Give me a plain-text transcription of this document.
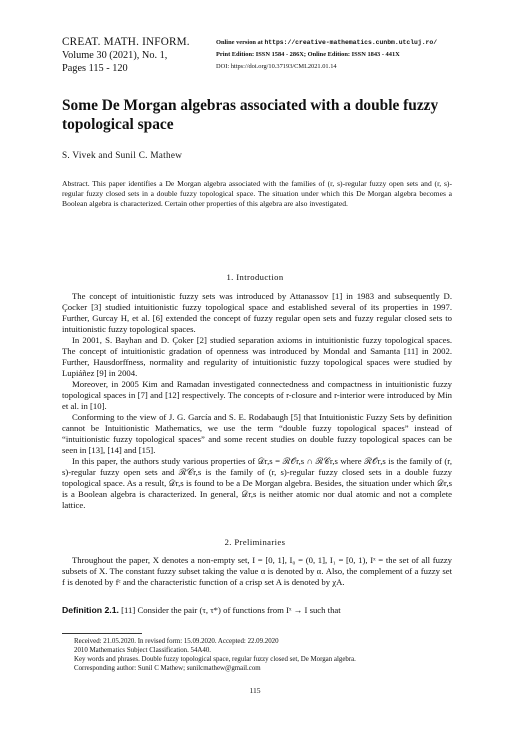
CREAT. MATH. INFORM.
Volume 30 (2021), No. 1,
Pages 115 - 120
Online version at https://creative-mathematics.cunbm.utcluj.ro/
Print Edition: ISSN 1584 - 286X; Online Edition: ISSN 1843 - 441X
DOI: https://doi.org/10.37193/CMI.2021.01.14
Some De Morgan algebras associated with a double fuzzy topological space
S. Vivek and Sunil C. Mathew
Abstract. This paper identifies a De Morgan algebra associated with the families of (r, s)-regular fuzzy open sets and (r, s)-regular fuzzy closed sets in a double fuzzy topological space. The situation under which this De Morgan algebra becomes a Boolean algebra is characterized. Certain other properties of this algebra are also investigated.
1. Introduction

The concept of intuitionistic fuzzy sets was introduced by Attanassov [1] in 1983 and subsequently D. Çocker [3] studied intuitionistic fuzzy topological space and established several of its properties in 1997. Further, Gurcay H, et al. [6] extended the concept of fuzzy regular open sets and fuzzy regular closed sets to intuitionistic fuzzy topological spaces.

In 2001, S. Bayhan and D. Çoker [2] studied separation axioms in intuitionistic fuzzy topological spaces. The concept of intuitionistic gradation of openness was introduced by Mondal and Samanta [11] in 2002. Further, Hausdorffness, normality and regularity of intuitionistic fuzzy topological spaces were studied by Lupiáñez [9] in 2004.

Moreover, in 2005 Kim and Ramadan investigated connectedness and compactness in intuitionistic fuzzy topological spaces in [7] and [12] respectively. The concepts of r-closure and r-interior were introduced by Min et al. in [10].

Conforming to the view of J. G. García and S. E. Rodabaugh [5] that Intuitionistic Fuzzy Sets by definition cannot be Intuitionistic Mathematics, we use the term “double fuzzy topological spaces” instead of “intuitionistic fuzzy topological spaces” and some recent studies on double fuzzy topological spaces can be seen in [13], [14] and [15].

In this paper, the authors study various properties of 𝒟r,s = ℛ𝒪r,s ∩ ℛ𝒞r,s where ℛ𝒪r,s is the family of (r, s)-regular fuzzy open sets and ℛ𝒞r,s is the family of (r, s)-regular fuzzy closed sets in a double fuzzy topological space. As a result, 𝒟r,s is found to be a De Morgan algebra. Besides, the situation under which 𝒟r,s is a Boolean algebra is characterized. In general, 𝒟r,s is neither atomic nor dual atomic and not a complete lattice.

2. Preliminaries

Throughout the paper, X denotes a non-empty set, I = [0, 1], I₀ = (0, 1], I₁ = [0, 1), Iˣ = the set of all fuzzy subsets of X. The constant fuzzy subset taking the value α is denoted by α. Also, the complement of a fuzzy set f is denoted by fᶜ and the characteristic function of a crisp set A is denoted by χA.

Definition 2.1. [11] Consider the pair (τ, τ*) of functions from Iˣ → I such that

Received: 21.05.2020. In revised form: 15.09.2020. Accepted: 22.09.2020
2010 Mathematics Subject Classification. 54A40.
Key words and phrases. Double fuzzy topological space, regular fuzzy closed set, De Morgan algebra.
Corresponding author: Sunil C Mathew; sunilcmathew@gmail.com
115
